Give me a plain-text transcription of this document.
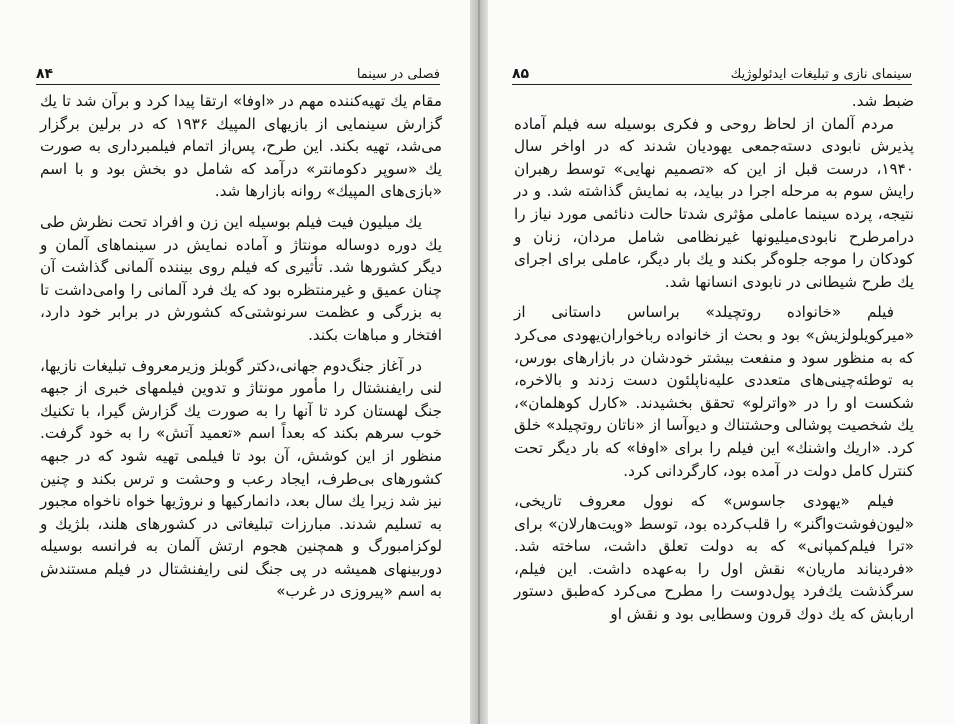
۸۴	فصلی در سینما

مقام یك تهیه‌کننده مهم در «اوفا» ارتقا پیدا کرد و برآن شد تا یك گزارش سینمایی از بازیهای المپیك ۱۹۳۶ که در برلین برگزار می‌شد، تهیه بکند. این طرح، پس‌از اتمام فیلمبرداری به صورت یك «سوپر دکومانتر» درآمد که شامل دو بخش بود و با اسم «بازی‌های المپیك» روانه بازارها شد.

یك میلیون فیت فیلم بوسیله این زن و افراد تحت نظرش طی یك دوره دوساله مونتاژ و آماده نمایش در سینماهای آلمان و دیگر کشورها شد. تأثیری که فیلم روی بیننده آلمانی گذاشت آن چنان عمیق و غیرمنتظره بود که یك فرد آلمانی را وامی‌داشت تا به بزرگی و عظمت سرنوشتی‌که کشورش در برابر خود دارد، افتخار و مباهات بکند.

در آغاز جنگ‌دوم جهانی،دکتر گوبلز وزیرمعروف تبلیغات نازیها، لنی رایفنشتال را مأمور مونتاژ و تدوین فیلمهای خبری از جبهه جنگ لهستان کرد تا آنها را به صورت یك گزارش گیرا، با تکنیك خوب سرهم بکند که بعداً اسم «تعمید آتش» را به خود گرفت. منظور از این کوشش، آن بود تا فیلمی تهیه شود که در جبهه کشورهای بی‌طرف، ایجاد رعب و وحشت و ترس بکند و چنین نیز شد زیرا یك سال بعد، دانمارکیها و نروژیها خواه ناخواه مجبور به تسلیم شدند. مبارزات تبلیغاتی در کشورهای هلند، بلژیك و لوکزامبورگ و همچنین هجوم ارتش آلمان به فرانسه بوسیله دوربینهای همیشه در پی جنگ لنی رایفنشتال در فیلم مستندش به اسم «پیروزی در غرب»

۸۵	سینمای نازی و تبلیغات ایدئولوژیك

ضبط شد.

مردم آلمان از لحاظ روحی و فکری بوسیله سه فیلم آماده پذیرش نابودی دسته‌جمعی یهودیان شدند که در اواخر سال ۱۹۴۰، درست قبل از این که «تصمیم نهایی» توسط رهبران رایش سوم به مرحله اجرا در بیاید، به نمایش گذاشته شد. و در نتیجه، پرده سینما عاملی مؤثری شدتا حالت دنائمی مورد نیاز را درامرطرح نابودی‌میلیونها غیرنظامی شامل مردان، زنان و کودکان را موجه جلوه‌گر بکند و یك بار دیگر، عاملی برای اجرای یك طرح شیطانی در نابودی انسانها شد.

فیلم «خانواده روتچیلد» براساس داستانی از «میرکویلولزیش» بود و بحث از خانواده رباخواران‌یهودی می‌کرد که به منظور سود و منفعت بیشتر خودشان در بازارهای بورس، به توطئه‌چینی‌های متعددی علیه‌ناپلئون دست زدند و بالاخره، شکست او را در «واترلو» تحقق بخشیدند. «کارل کوهلمان»، یك شخصیت پوشالی وحشتناك و دیوآسا از «ناتان روتچیلد» خلق کرد. «اریك واشنك» این فیلم را برای «اوفا» که بار دیگر تحت کنترل کامل دولت در آمده بود، کارگردانی کرد.

فیلم «یهودی جاسوس» که نوول معروف تاریخی، «لیون‌فوشت‌واگنر» را قلب‌کرده بود، توسط «ویت‌هارلان» برای «ترا فیلم‌کمپانی» که به دولت تعلق داشت، ساخته شد. «فردیناند ماریان» نقش اول را به‌عهده داشت. این فیلم، سرگذشت یك‌فرد پول‌دوست را مطرح می‌کرد که‌طبق دستور اربابش که یك دوك قرون وسطایی بود و نقش او
